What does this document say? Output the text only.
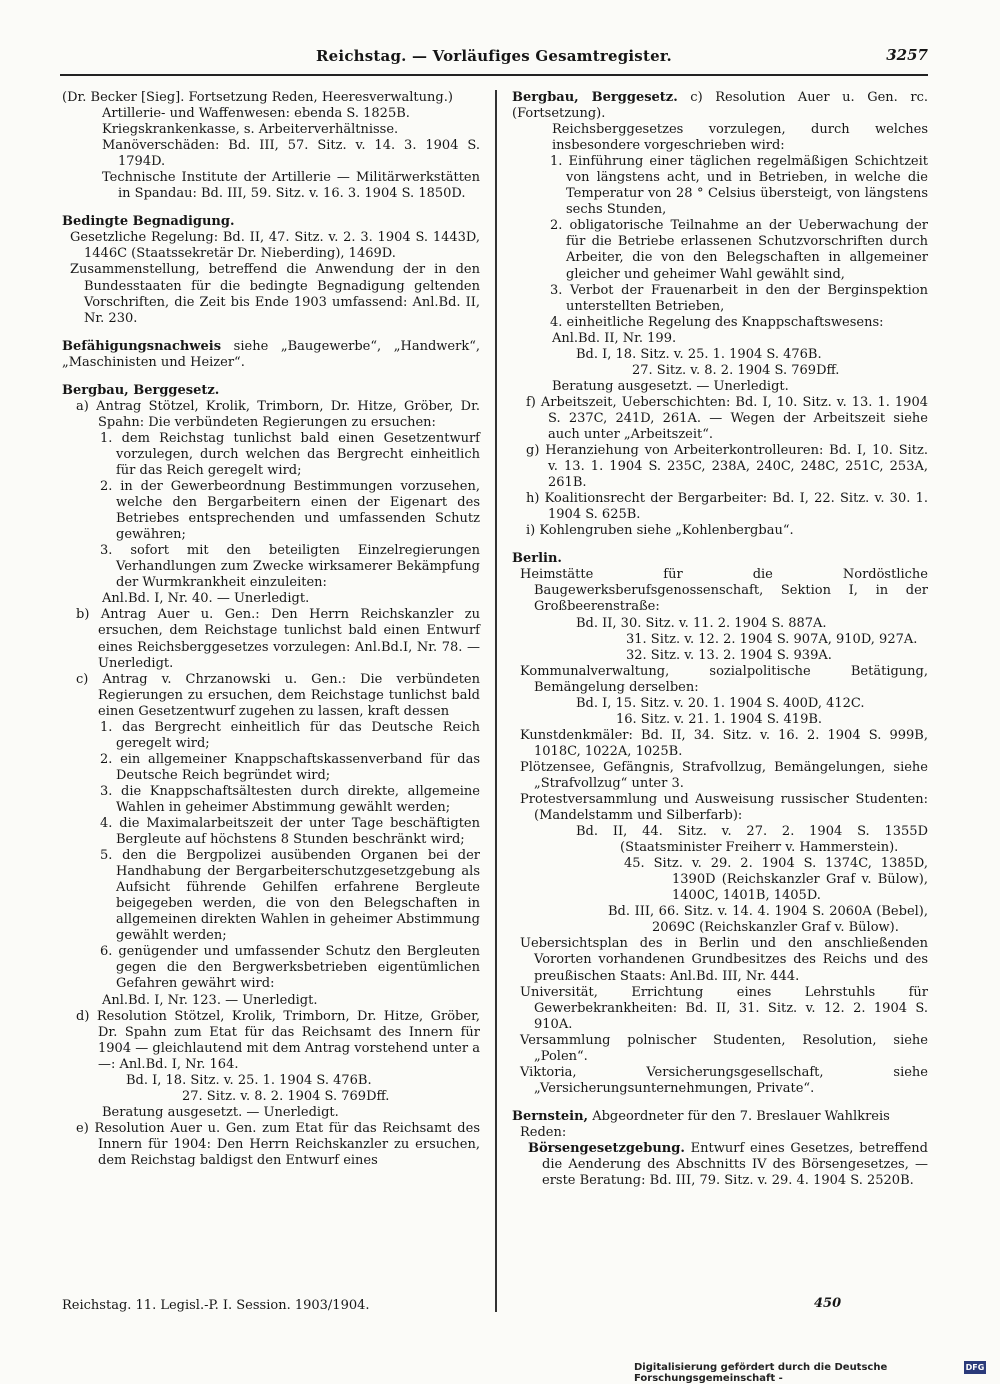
Reichstag. — Vorläufiges Gesamtregister.	3257

(Dr. Becker [Sieg]. Fortsetzung Reden, Heeresverwaltung.)

Artillerie- und Waffenwesen: ebenda S. 1825B.

Kriegskrankenkasse, s. Arbeiterverhältnisse.

Manöverschäden: Bd. III, 57. Sitz. v. 14. 3. 1904 S. 1794D.

Technische Institute der Artillerie — Militärwerkstätten in Spandau: Bd. III, 59. Sitz. v. 16. 3. 1904 S. 1850D.

Bedingte Begnadigung.

Gesetzliche Regelung: Bd. II, 47. Sitz. v. 2. 3. 1904 S. 1443D, 1446C (Staatssekretär Dr. Nieberding), 1469D.

Zusammenstellung, betreffend die Anwendung der in den Bundesstaaten für die bedingte Begnadigung geltenden Vorschriften, die Zeit bis Ende 1903 umfassend: Anl.Bd. II, Nr. 230.

Befähigungsnachweis siehe „Baugewerbe“, „Handwerk“, „Maschinisten und Heizer“.

Bergbau, Berggesetz.

a) Antrag Stötzel, Krolik, Trimborn, Dr. Hitze, Gröber, Dr. Spahn: Die verbündeten Regierungen zu ersuchen:

1. dem Reichstag tunlichst bald einen Gesetzentwurf vorzulegen, durch welchen das Bergrecht einheitlich für das Reich geregelt wird;

2. in der Gewerbeordnung Bestimmungen vorzusehen, welche den Bergarbeitern einen der Eigenart des Betriebes entsprechenden und umfassenden Schutz gewähren;

3. sofort mit den beteiligten Einzelregierungen Verhandlungen zum Zwecke wirksamerer Bekämpfung der Wurmkrankheit einzuleiten:

Anl.Bd. I, Nr. 40. — Unerledigt.

b) Antrag Auer u. Gen.: Den Herrn Reichskanzler zu ersuchen, dem Reichstage tunlichst bald einen Entwurf eines Reichsberggesetzes vorzulegen: Anl.Bd.I, Nr. 78. — Unerledigt.

c) Antrag v. Chrzanowski u. Gen.: Die verbündeten Regierungen zu ersuchen, dem Reichstage tunlichst bald einen Gesetzentwurf zugehen zu lassen, kraft dessen

1. das Bergrecht einheitlich für das Deutsche Reich geregelt wird;

2. ein allgemeiner Knappschaftskassenverband für das Deutsche Reich begründet wird;

3. die Knappschaftsältesten durch direkte, allgemeine Wahlen in geheimer Abstimmung gewählt werden;

4. die Maximalarbeitszeit der unter Tage beschäftigten Bergleute auf höchstens 8 Stunden beschränkt wird;

5. den die Bergpolizei ausübenden Organen bei der Handhabung der Bergarbeiterschutzgesetzgebung als Aufsicht führende Gehilfen erfahrene Bergleute beigegeben werden, die von den Belegschaften in allgemeinen direkten Wahlen in geheimer Abstimmung gewählt werden;

6. genügender und umfassender Schutz den Bergleuten gegen die den Bergwerksbetrieben eigentümlichen Gefahren gewährt wird:

Anl.Bd. I, Nr. 123. — Unerledigt.

d) Resolution Stötzel, Krolik, Trimborn, Dr. Hitze, Gröber, Dr. Spahn zum Etat für das Reichsamt des Innern für 1904 — gleichlautend mit dem Antrag vorstehend unter a —: Anl.Bd. I, Nr. 164.

Bd. I, 18. Sitz. v. 25. 1. 1904 S. 476B.

27. Sitz. v. 8. 2. 1904 S. 769Dff.

Beratung ausgesetzt. — Unerledigt.

e) Resolution Auer u. Gen. zum Etat für das Reichsamt des Innern für 1904: Den Herrn Reichskanzler zu ersuchen, dem Reichstag baldigst den Entwurf eines

Bergbau, Berggesetz. c) Resolution Auer u. Gen. rc. (Fortsetzung).

Reichsberggesetzes vorzulegen, durch welches insbesondere vorgeschrieben wird:

1. Einführung einer täglichen regelmäßigen Schichtzeit von längstens acht, und in Betrieben, in welche die Temperatur von 28 ° Celsius übersteigt, von längstens sechs Stunden,

2. obligatorische Teilnahme an der Ueberwachung der für die Betriebe erlassenen Schutzvorschriften durch Arbeiter, die von den Belegschaften in allgemeiner gleicher und geheimer Wahl gewählt sind,

3. Verbot der Frauenarbeit in den der Berginspektion unterstellten Betrieben,

4. einheitliche Regelung des Knappschaftswesens:

Anl.Bd. II, Nr. 199.

Bd. I, 18. Sitz. v. 25. 1. 1904 S. 476B.

27. Sitz. v. 8. 2. 1904 S. 769Dff.

Beratung ausgesetzt. — Unerledigt.

f) Arbeitszeit, Ueberschichten: Bd. I, 10. Sitz. v. 13. 1. 1904 S. 237C, 241D, 261A. — Wegen der Arbeitszeit siehe auch unter „Arbeitszeit“.

g) Heranziehung von Arbeiterkontrolleuren: Bd. I, 10. Sitz. v. 13. 1. 1904 S. 235C, 238A, 240C, 248C, 251C, 253A, 261B.

h) Koalitionsrecht der Bergarbeiter: Bd. I, 22. Sitz. v. 30. 1. 1904 S. 625B.

i) Kohlengruben siehe „Kohlenbergbau“.

Berlin.

Heimstätte für die Nordöstliche Baugewerksberufsgenossenschaft, Sektion I, in der Großbeerenstraße:

Bd. II, 30. Sitz. v. 11. 2. 1904 S. 887A.

31. Sitz. v. 12. 2. 1904 S. 907A, 910D, 927A.

32. Sitz. v. 13. 2. 1904 S. 939A.

Kommunalverwaltung, sozialpolitische Betätigung, Bemängelung derselben:

Bd. I, 15. Sitz. v. 20. 1. 1904 S. 400D, 412C.

16. Sitz. v. 21. 1. 1904 S. 419B.

Kunstdenkmäler: Bd. II, 34. Sitz. v. 16. 2. 1904 S. 999B, 1018C, 1022A, 1025B.

Plötzensee, Gefängnis, Strafvollzug, Bemängelungen, siehe „Strafvollzug“ unter 3.

Protestversammlung und Ausweisung russischer Studenten: (Mandelstamm und Silberfarb):

Bd. II, 44. Sitz. v. 27. 2. 1904 S. 1355D (Staatsminister Freiherr v. Hammerstein).

45. Sitz. v. 29. 2. 1904 S. 1374C, 1385D, 1390D (Reichskanzler Graf v. Bülow), 1400C, 1401B, 1405D.

Bd. III, 66. Sitz. v. 14. 4. 1904 S. 2060A (Bebel), 2069C (Reichskanzler Graf v. Bülow).

Uebersichtsplan des in Berlin und den anschließenden Vororten vorhandenen Grundbesitzes des Reichs und des preußischen Staats: Anl.Bd. III, Nr. 444.

Universität, Errichtung eines Lehrstuhls für Gewerbekrankheiten: Bd. II, 31. Sitz. v. 12. 2. 1904 S. 910A.

Versammlung polnischer Studenten, Resolution, siehe „Polen“.

Viktoria, Versicherungsgesellschaft, siehe „Versicherungsunternehmungen, Private“.

Bernstein, Abgeordneter für den 7. Breslauer Wahlkreis

Reden:

Börsengesetzgebung. Entwurf eines Gesetzes, betreffend die Aenderung des Abschnitts IV des Börsengesetzes, — erste Beratung: Bd. III, 79. Sitz. v. 29. 4. 1904 S. 2520B.

Reichstag. 11. Legisl.-P. I. Session. 1903/1904.	450
Digitalisierung gefördert durch die Deutsche Forschungsgemeinschaft -
DFG
